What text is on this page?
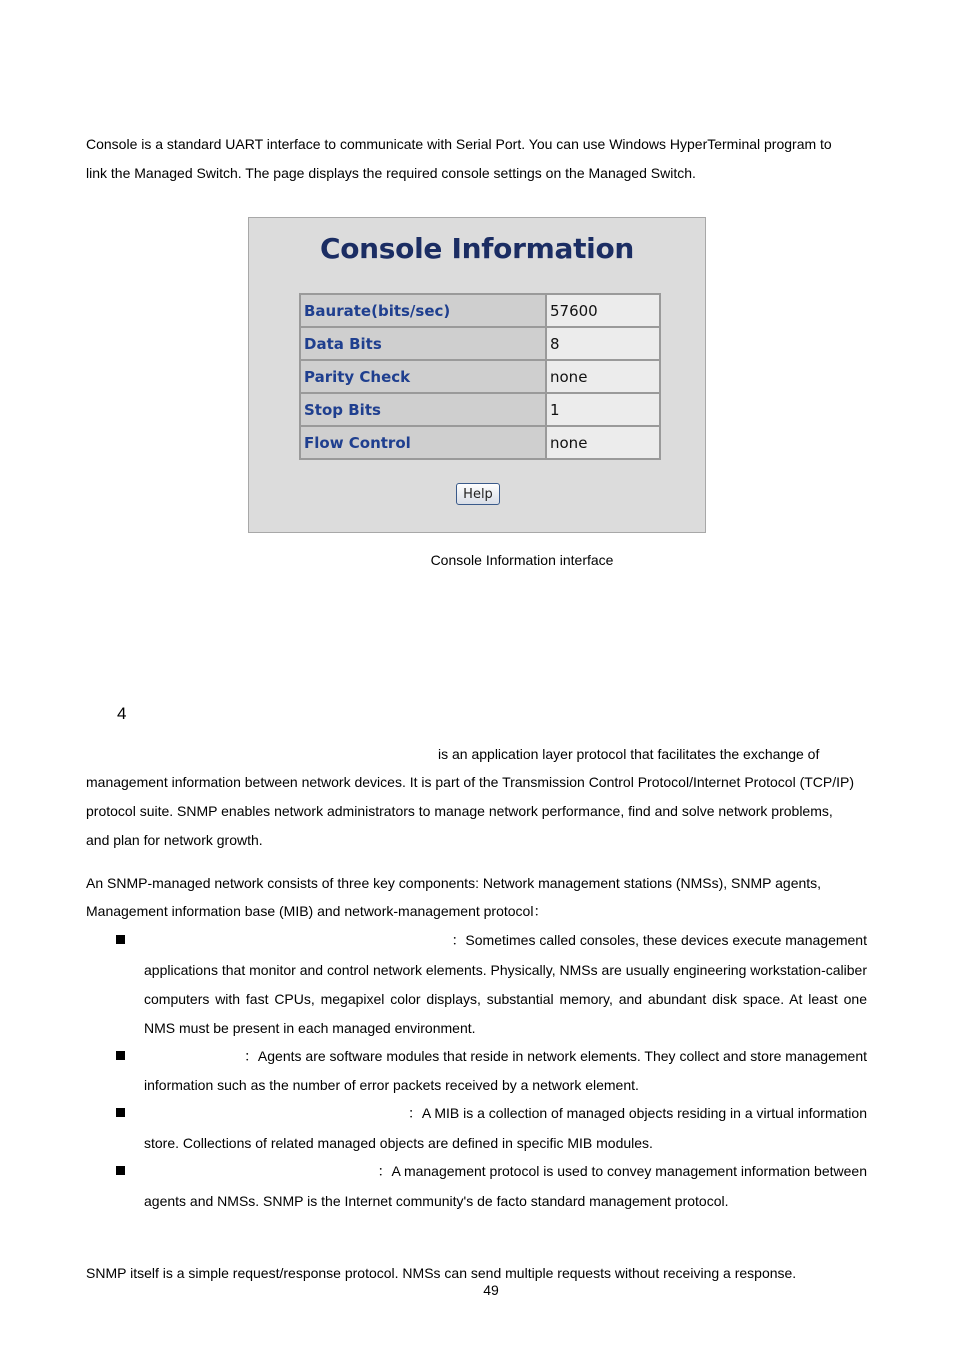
Console is a standard UART interface to communicate with Serial Port. You can use Windows HyperTerminal program to
link the Managed Switch. The page displays the required console settings on the Managed Switch.
Console Information
Baurate(bits/sec)	57600
Data Bits	8
Parity Check	none
Stop Bits	1
Flow Control	none
Help
Console Information interface
4
is an application layer protocol that facilitates the exchange of
management information between network devices. It is part of the Transmission Control Protocol/Internet Protocol (TCP/IP)
protocol suite. SNMP enables network administrators to manage network performance, find and solve network problems,
and plan for network growth.
An SNMP-managed network consists of three key components: Network management stations (NMSs), SNMP agents,
Management information base (MIB) and network-management protocol：
：Sometimes called consoles, these devices execute management

applications that monitor and control network elements. Physically, NMSs are usually engineering workstation-caliber computers with fast CPUs, megapixel color displays, substantial memory, and abundant disk space. At least one NMS must be present in each managed environment.

：Agents are software modules that reside in network elements. They collect and store management

information such as the number of error packets received by a network element.

：A MIB is a collection of managed objects residing in a virtual information

store. Collections of related managed objects are defined in specific MIB modules.

：A management protocol is used to convey management information between

agents and NMSs. SNMP is the Internet community's de facto standard management protocol.

SNMP itself is a simple request/response protocol. NMSs can send multiple requests without receiving a response.
49
